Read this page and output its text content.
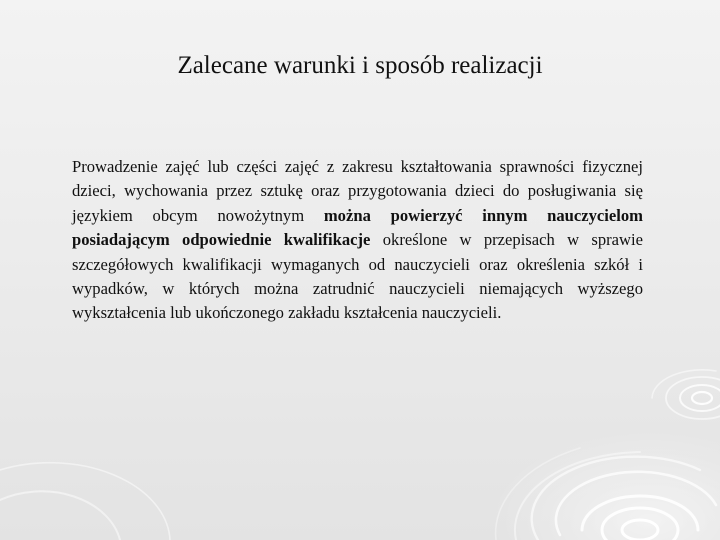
Zalecane warunki i sposób realizacji

Prowadzenie zajęć lub części zajęć z zakresu kształtowania sprawności fizycznej dzieci, wychowania przez sztukę oraz przygotowania dzieci do posługiwania się językiem obcym nowożytnym można powierzyć innym nauczycielom posiadającym odpowiednie kwalifikacje określone w przepisach w sprawie szczegółowych kwalifikacji wymaganych od nauczycieli oraz określenia szkół i wypadków, w których można zatrudnić nauczycieli niemających wyższego wykształcenia lub ukończonego zakładu kształcenia nauczycieli.
